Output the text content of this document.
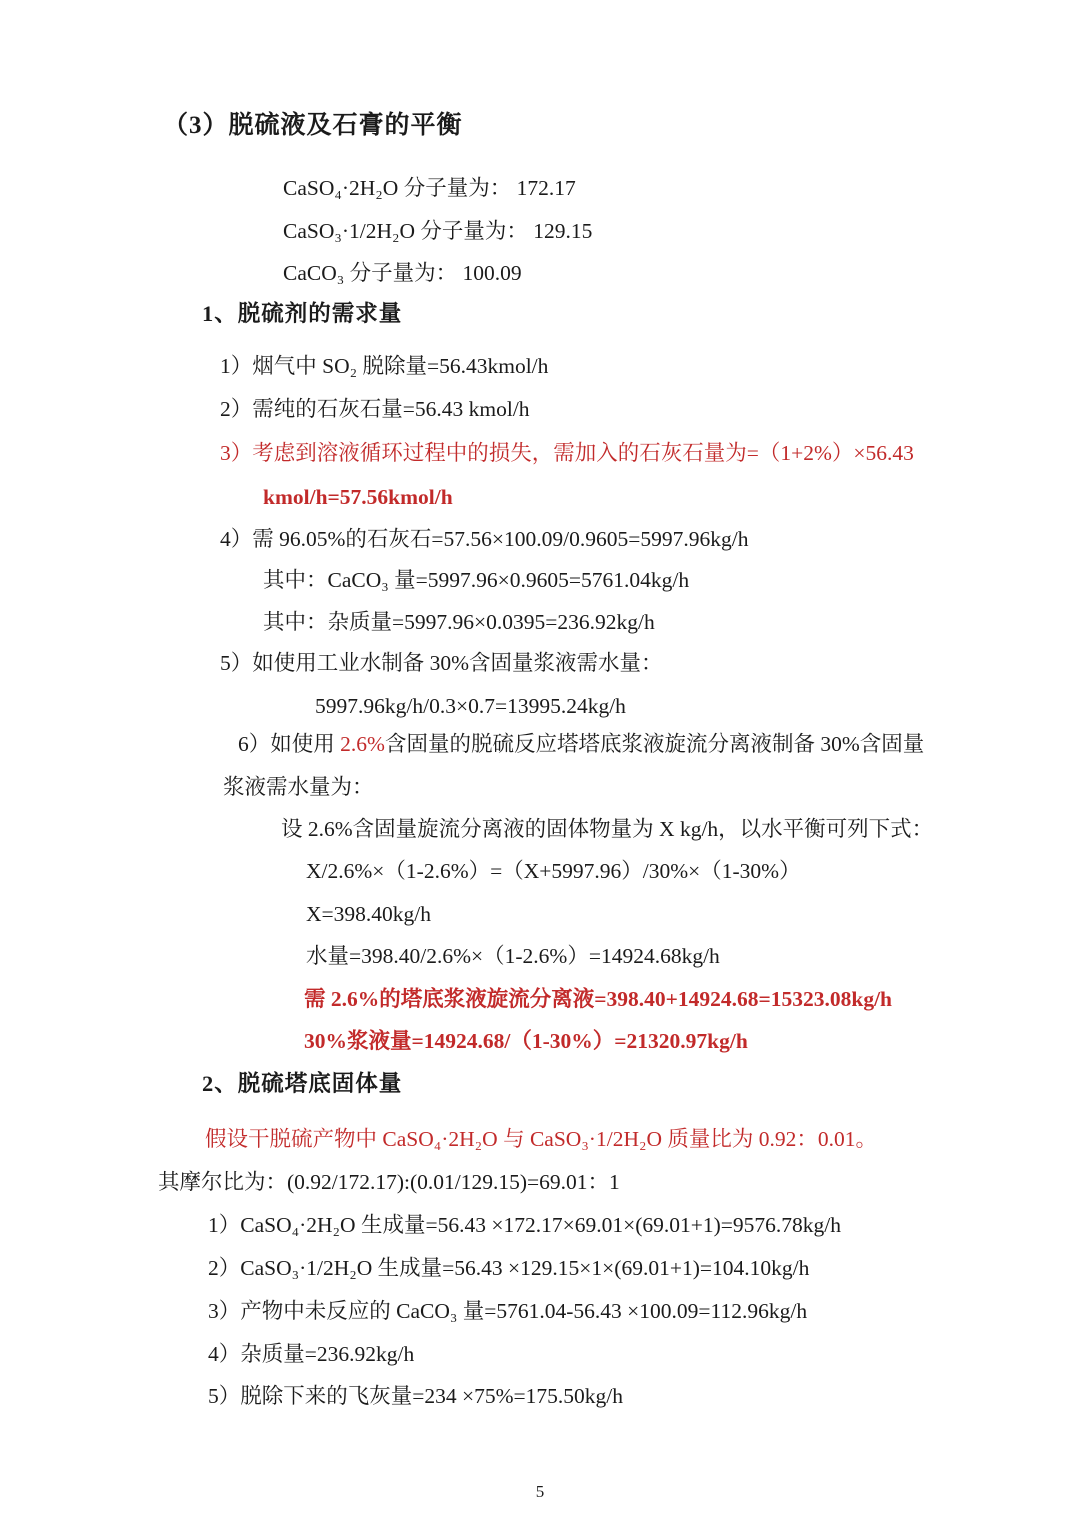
（3）脱硫液及石膏的平衡
CaSO₄·2H₂O 分子量为： 172.17
CaSO₃·1/2H₂O 分子量为： 129.15
CaCO₃ 分子量为： 100.09
1、脱硫剂的需求量
1）烟气中 SO₂ 脱除量=56.43kmol/h
2）需纯的石灰石量=56.43 kmol/h
3）考虑到溶液循环过程中的损失，需加入的石灰石量为=（1+2%）×56.43
kmol/h=57.56kmol/h
4）需 96.05%的石灰石=57.56×100.09/0.9605=5997.96kg/h
其中：CaCO₃ 量=5997.96×0.9605=5761.04kg/h
其中：杂质量=5997.96×0.0395=236.92kg/h
5）如使用工业水制备 30%含固量浆液需水量：
5997.96kg/h/0.3×0.7=13995.24kg/h
6）如使用 2.6%含固量的脱硫反应塔塔底浆液旋流分离液制备 30%含固量
浆液需水量为：
设 2.6%含固量旋流分离液的固体物量为 X kg/h，以水平衡可列下式：
X/2.6%×（1-2.6%）=（X+5997.96）/30%×（1-30%）
X=398.40kg/h
水量=398.40/2.6%×（1-2.6%）=14924.68kg/h
需 2.6%的塔底浆液旋流分离液=398.40+14924.68=15323.08kg/h
30%浆液量=14924.68/（1-30%）=21320.97kg/h
2、脱硫塔底固体量
假设干脱硫产物中 CaSO₄·2H₂O 与 CaSO₃·1/2H₂O 质量比为 0.92：0.01。
其摩尔比为：(0.92/172.17):(0.01/129.15)=69.01：1
1）CaSO₄·2H₂O 生成量=56.43 ×172.17×69.01×(69.01+1)=9576.78kg/h
2）CaSO₃·1/2H₂O 生成量=56.43 ×129.15×1×(69.01+1)=104.10kg/h
3）产物中未反应的 CaCO₃ 量=5761.04-56.43 ×100.09=112.96kg/h
4）杂质量=236.92kg/h
5）脱除下来的飞灰量=234 ×75%=175.50kg/h
5
